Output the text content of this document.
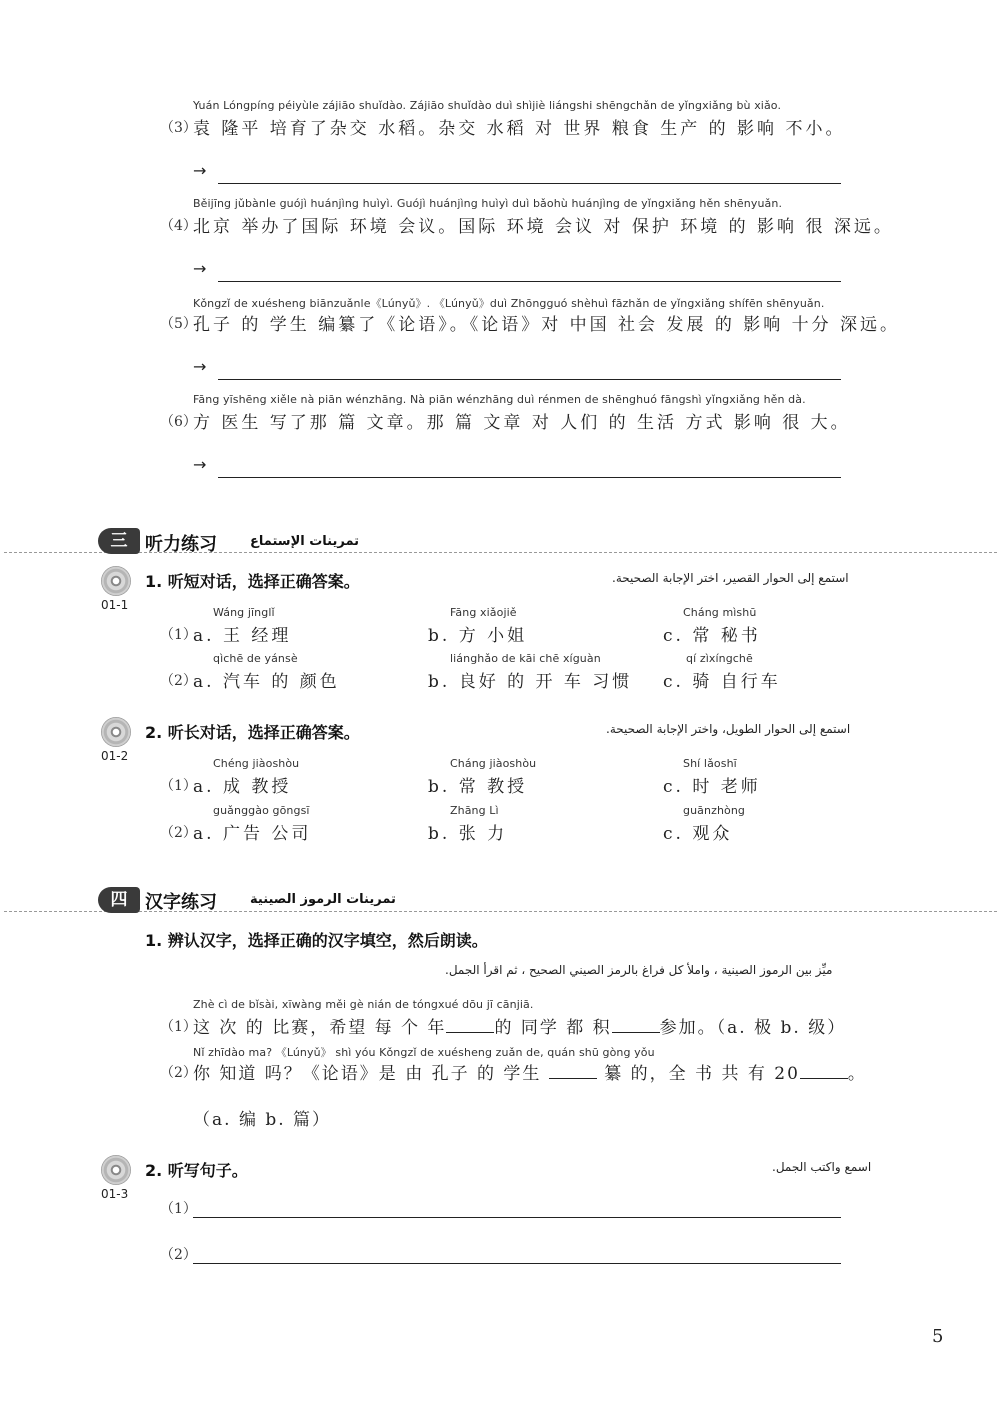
Yuán Lóngpíng péiyùle zájiāo shuǐdào. Zájiāo shuǐdào duì shìjiè liángshi shēngchǎn de yǐngxiǎng bù xiǎo.
（3）
袁 隆平 培育了杂交 水稻。杂交 水稻 对 世界 粮食 生产 的 影响 不小。
→
Běijīng jǔbànle guójì huánjìng huìyì. Guójì huánjìng huìyì duì bǎohù huánjìng de yǐngxiǎng hěn shēnyuǎn.
（4）
北京 举办了国际 环境 会议。国际 环境 会议 对 保护 环境 的 影响 很 深远。
→
Kǒngzǐ de xuésheng biānzuǎnle《Lúnyǔ》. 《Lúnyǔ》duì Zhōngguó shèhuì fāzhǎn de yǐngxiǎng shífēn shēnyuǎn.
（5）
孔子 的 学生 编纂了《论语》。《论语》对 中国 社会 发展 的 影响 十分 深远。
→
Fāng yīshēng xiěle nà piān wénzhāng. Nà piān wénzhāng duì rénmen de shēnghuó fāngshì yǐngxiǎng hěn dà.
（6）
方 医生 写了那 篇 文章。那 篇 文章 对 人们 的 生活 方式 影响 很 大。
→
三 听力练习	تمرينات الإستماع
01-1
1. 听短对话，选择正确答案。	استمع إلى الحوار القصير، اختر الإجابة الصحيحة.
Wáng jīnglǐ	Fāng xiǎojiě	Cháng mìshū
（1）
a. 王 经理	b. 方 小姐	c. 常 秘书
qìchē de yánsè	liánghǎo de kāi chē xíguàn	qí zìxíngchē
（2）
a. 汽车 的 颜色	b. 良好 的 开 车 习惯 c. 骑 自行车
01-2
2. 听长对话，选择正确答案。	استمع إلى الحوار الطويل، واختر الإجابة الصحيحة.
Chéng jiàoshòu	Cháng jiàoshòu	Shí lǎoshī
（1）
a. 成 教授	b. 常 教授	c. 时 老师
guǎnggào gōngsī	Zhāng Lì	guānzhòng
（2）
a. 广告 公司	b. 张 力	c. 观众
四 汉字练习	تمرينات الرموز الصينية
1. 辨认汉字，选择正确的汉字填空，然后朗读。
ميِّز بين الرموز الصينية ، واملأ كل فراغ بالرمز الصيني الصحيح ، ثم اقرأ الجمل.
Zhè cì de bǐsài, xīwàng měi gè nián de tóngxué dōu jī cānjiā.
（1）
这 次 的 比赛，希望 每 个 年	的 同学 都 积	参加。（a. 极 b. 级）
Nǐ zhīdào ma? 《Lúnyǔ》 shì yóu Kǒngzǐ de xuésheng zuǎn de, quán shū gòng yǒu
（2）
你 知道 吗？《论语》是 由 孔子 的 学生	纂 的，全 书 共 有 20	。
（a. 编 b. 篇）
01-3
2. 听写句子。	اسمع واكتب الجمل.
（1）
（2）
5
